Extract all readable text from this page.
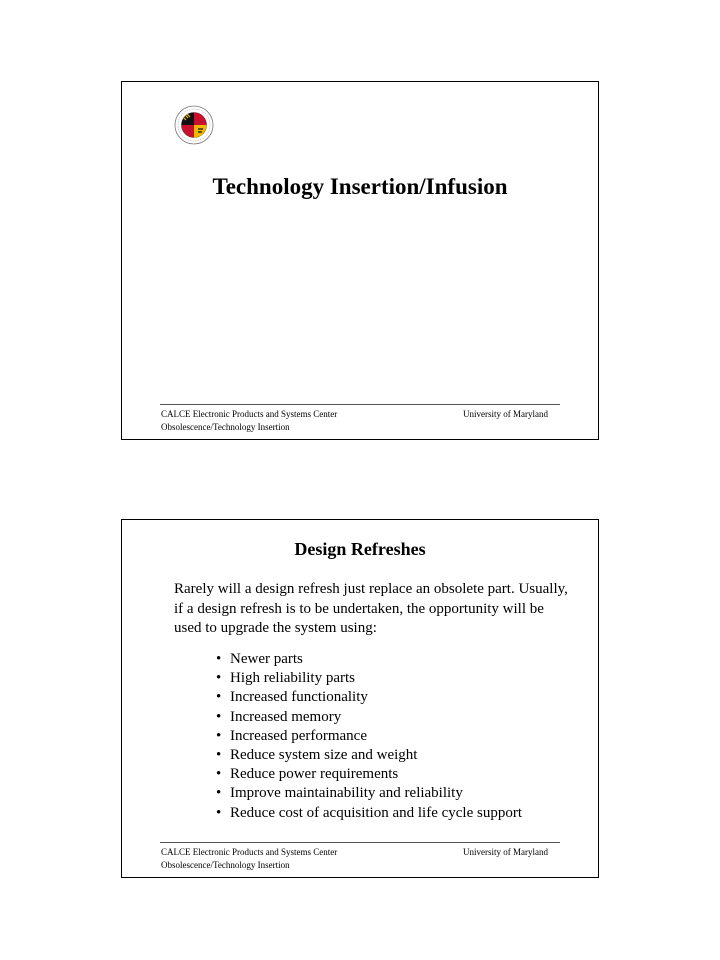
Technology Insertion/Infusion
CALCE Electronic Products and Systems Center	University of Maryland
Obsolescence/Technology Insertion
Design Refreshes

Rarely will a design refresh just replace an obsolete part. Usually, if a design refresh is to be undertaken, the opportunity will be used to upgrade the system using:

• Newer parts
• High reliability parts
• Increased functionality
• Increased memory
• Increased performance
• Reduce system size and weight
• Reduce power requirements
• Improve maintainability and reliability
• Reduce cost of acquisition and life cycle support
CALCE Electronic Products and Systems Center	University of Maryland
Obsolescence/Technology Insertion
